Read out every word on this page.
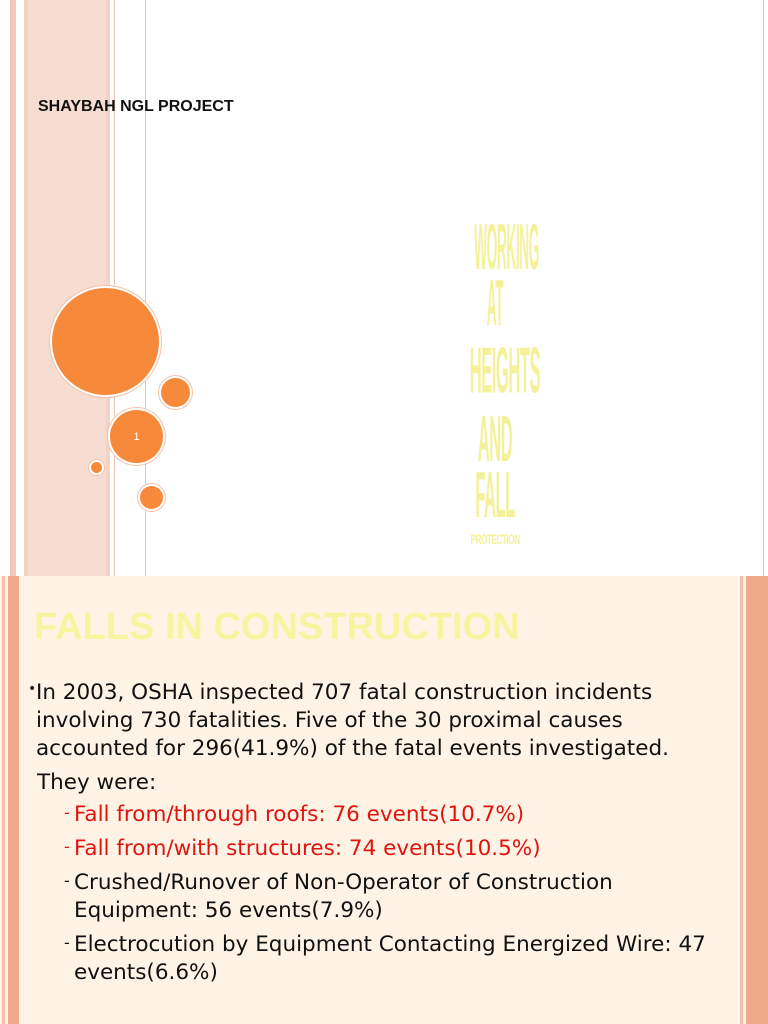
SHAYBAH NGL PROJECT
1
WORKING AT
HEIGHTS
AND FALL
PROTECTION
FALLS IN CONSTRUCTION
• In 2003, OSHA inspected 707 fatal construction incidents involving 730 fatalities. Five of the 30 proximal causes accounted for 296(41.9%) of the fatal events investigated.
They were:
- Fall from/through roofs: 76 events(10.7%)
- Fall from/with structures: 74 events(10.5%)
- Crushed/Runover of Non-Operator of Construction Equipment: 56 events(7.9%)
- Electrocution by Equipment Contacting Energized Wire: 47 events(6.6%)
